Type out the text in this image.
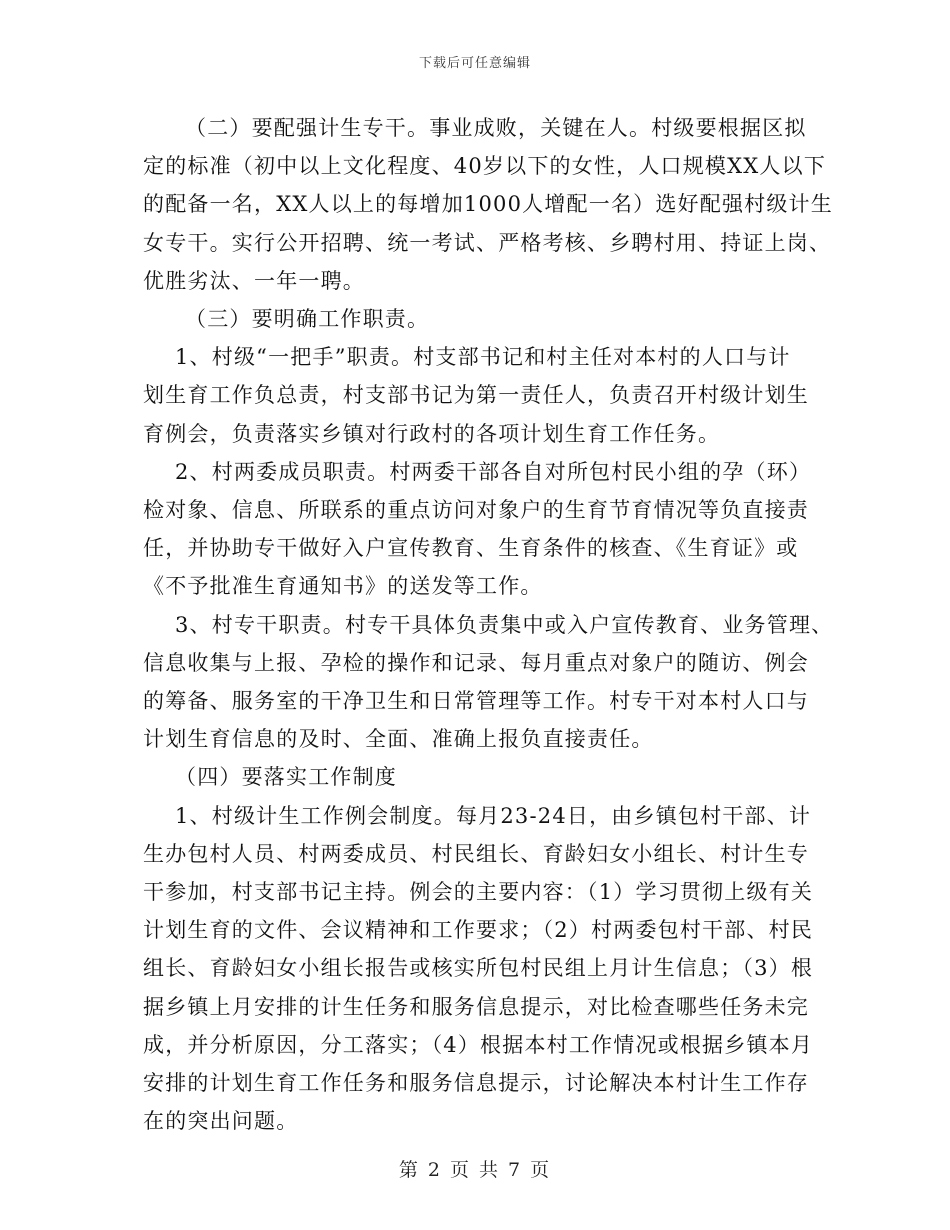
下载后可任意编辑

（二）要配强计生专干。事业成败，关键在人。村级要根据区拟
定的标准（初中以上文化程度、40岁以下的女性，人口规模XX人以下
的配备一名，XX人以上的每增加1000人增配一名）选好配强村级计生
女专干。实行公开招聘、统一考试、严格考核、乡聘村用、持证上岗、
优胜劣汰、一年一聘。

（三）要明确工作职责。

1、村级“一把手”职责。村支部书记和村主任对本村的人口与计
划生育工作负总责，村支部书记为第一责任人，负责召开村级计划生
育例会，负责落实乡镇对行政村的各项计划生育工作任务。

2、村两委成员职责。村两委干部各自对所包村民小组的孕（环）
检对象、信息、所联系的重点访问对象户的生育节育情况等负直接责
任，并协助专干做好入户宣传教育、生育条件的核查、《生育证》或
《不予批准生育通知书》的送发等工作。

3、村专干职责。村专干具体负责集中或入户宣传教育、业务管理、
信息收集与上报、孕检的操作和记录、每月重点对象户的随访、例会
的筹备、服务室的干净卫生和日常管理等工作。村专干对本村人口与
计划生育信息的及时、全面、准确上报负直接责任。

（四）要落实工作制度

1、村级计生工作例会制度。每月23-24日，由乡镇包村干部、计
生办包村人员、村两委成员、村民组长、育龄妇女小组长、村计生专
干参加，村支部书记主持。例会的主要内容：（1）学习贯彻上级有关
计划生育的文件、会议精神和工作要求；（2）村两委包村干部、村民
组长、育龄妇女小组长报告或核实所包村民组上月计生信息；（3）根
据乡镇上月安排的计生任务和服务信息提示，对比检查哪些任务未完
成，并分析原因，分工落实；（4）根据本村工作情况或根据乡镇本月
安排的计划生育工作任务和服务信息提示，讨论解决本村计生工作存
在的突出问题。

第 2 页 共 7 页
